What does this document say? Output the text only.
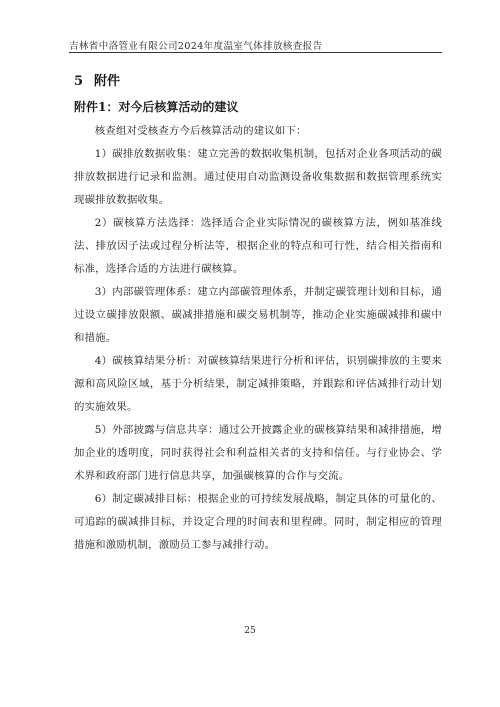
吉林省中洛管业有限公司2024年度温室气体排放核查报告
5 附件
附件1：对今后核算活动的建议

核查组对受核查方今后核算活动的建议如下：

1）碳排放数据收集：建立完善的数据收集机制，包括对企业各项活动的碳排放数据进行记录和监测。通过使用自动监测设备收集数据和数据管理系统实现碳排放数据收集。

2）碳核算方法选择：选择适合企业实际情况的碳核算方法，例如基准线法、排放因子法或过程分析法等，根据企业的特点和可行性，结合相关指南和标准，选择合适的方法进行碳核算。

3）内部碳管理体系：建立内部碳管理体系，并制定碳管理计划和目标，通过设立碳排放限额、碳减排措施和碳交易机制等，推动企业实施碳减排和碳中和措施。

4）碳核算结果分析：对碳核算结果进行分析和评估，识别碳排放的主要来源和高风险区域，基于分析结果，制定减排策略，并跟踪和评估减排行动计划的实施效果。

5）外部披露与信息共享：通过公开披露企业的碳核算结果和减排措施，增加企业的透明度，同时获得社会和利益相关者的支持和信任。与行业协会、学术界和政府部门进行信息共享，加强碳核算的合作与交流。

6）制定碳减排目标：根据企业的可持续发展战略，制定具体的可量化的、可追踪的碳减排目标，并设定合理的时间表和里程碑。同时，制定相应的管理措施和激励机制，激励员工参与减排行动。

25
